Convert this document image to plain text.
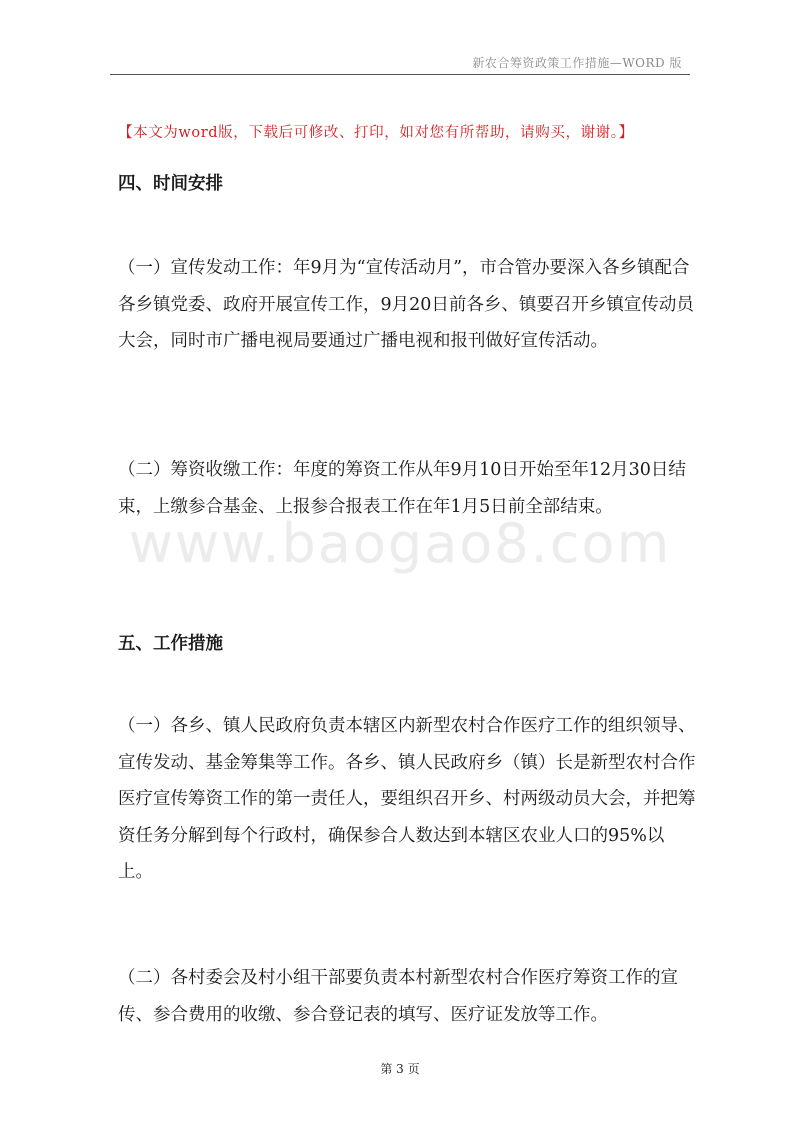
新农合筹资政策工作措施—WORD 版
【本文为word版，下载后可修改、打印，如对您有所帮助，请购买，谢谢。】
四、时间安排

（一）宣传发动工作：年9月为“宣传活动月”，市合管办要深入各乡镇配合各乡镇党委、政府开展宣传工作，9月20日前各乡、镇要召开乡镇宣传动员大会，同时市广播电视局要通过广播电视和报刊做好宣传活动。

（二）筹资收缴工作：年度的筹资工作从年9月10日开始至年12月30日结束，上缴参合基金、上报参合报表工作在年1月5日前全部结束。

www.baogao8.com
五、工作措施

（一）各乡、镇人民政府负责本辖区内新型农村合作医疗工作的组织领导、宣传发动、基金筹集等工作。各乡、镇人民政府乡（镇）长是新型农村合作医疗宣传筹资工作的第一责任人，要组织召开乡、村两级动员大会，并把筹资任务分解到每个行政村，确保参合人数达到本辖区农业人口的95%以上。

（二）各村委会及村小组干部要负责本村新型农村合作医疗筹资工作的宣传、参合费用的收缴、参合登记表的填写、医疗证发放等工作。

第 3 页
